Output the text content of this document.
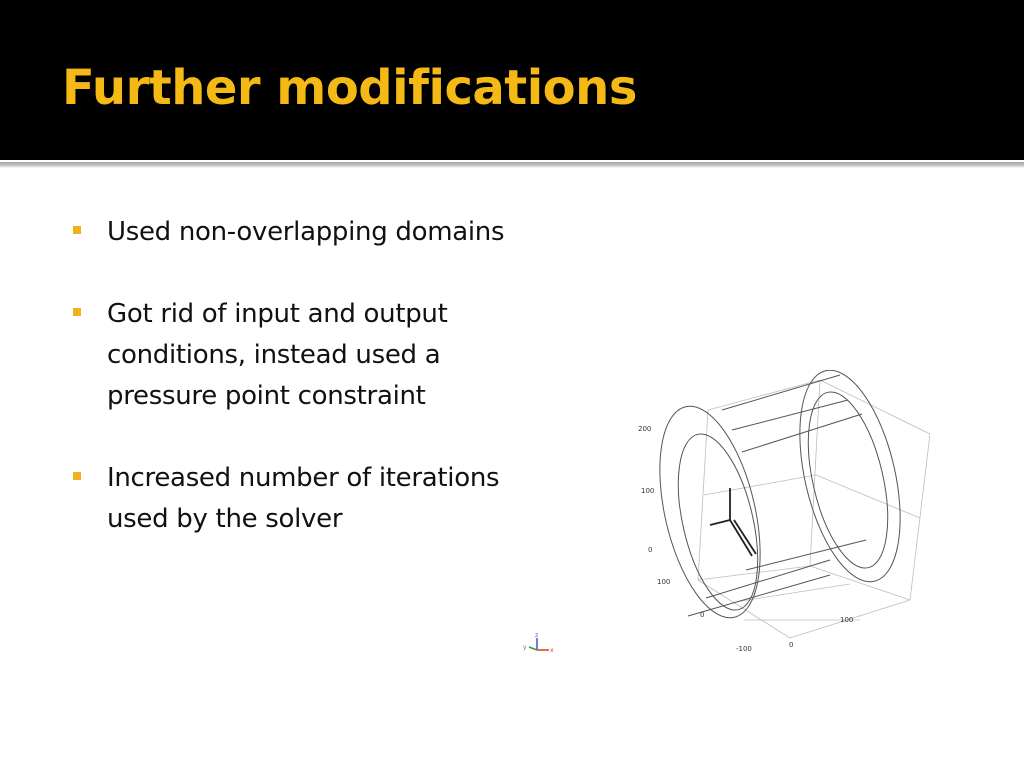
Further modifications
Used non-overlapping domains
Got rid of input and output conditions, instead used a pressure point constraint
Increased number of iterations used by the solver
200
100
0
100
0
100
0
-100
z
y	x
